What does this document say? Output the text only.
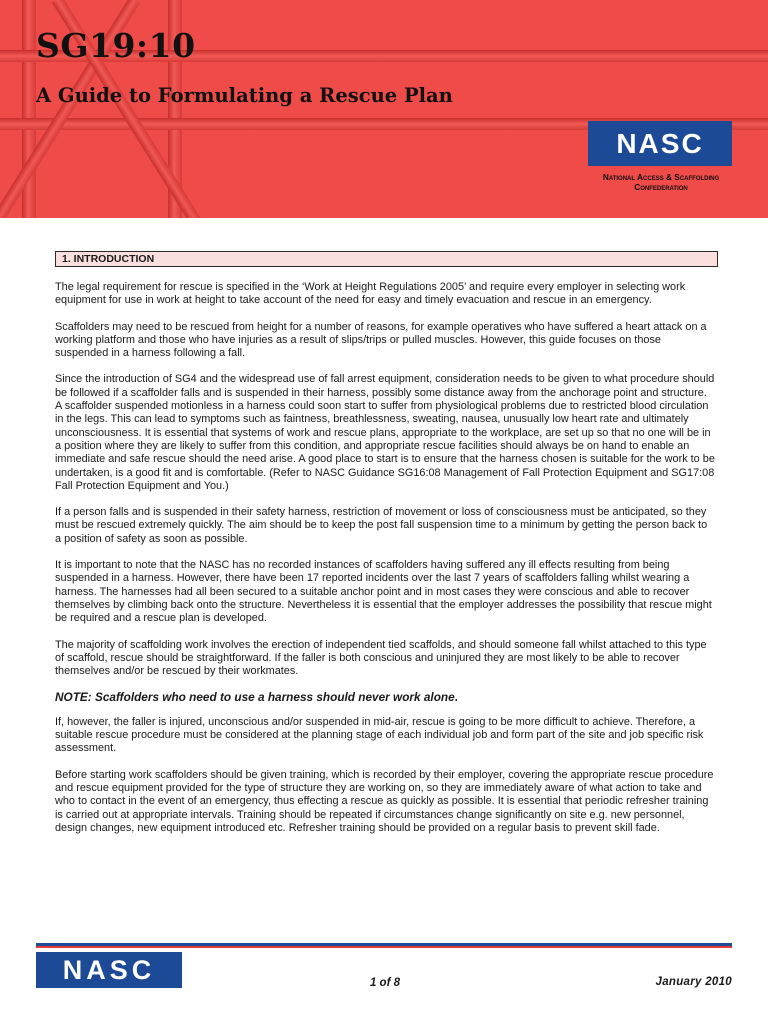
SG19:10
A Guide to Formulating a Rescue Plan
NASC
National Access & Scaffolding
Confederation
1. INTRODUCTION

The legal requirement for rescue is specified in the ‘Work at Height Regulations 2005’ and require every employer in selecting work equipment for use in work at height to take account of the need for easy and timely evacuation and rescue in an emergency.

Scaffolders may need to be rescued from height for a number of reasons, for example operatives who have suffered a heart attack on a working platform and those who have injuries as a result of slips/trips or pulled muscles. However, this guide focuses on those suspended in a harness following a fall.

Since the introduction of SG4 and the widespread use of fall arrest equipment, consideration needs to be given to what procedure should be followed if a scaffolder falls and is suspended in their harness, possibly some distance away from the anchorage point and structure. A scaffolder suspended motionless in a harness could soon start to suffer from physiological problems due to restricted blood circulation in the legs. This can lead to symptoms such as faintness, breathlessness, sweating, nausea, unusually low heart rate and ultimately unconsciousness. It is essential that systems of work and rescue plans, appropriate to the workplace, are set up so that no one will be in a position where they are likely to suffer from this condition, and appropriate rescue facilities should always be on hand to enable an immediate and safe rescue should the need arise. A good place to start is to ensure that the harness chosen is suitable for the work to be undertaken, is a good fit and is comfortable. (Refer to NASC Guidance SG16:08 Management of Fall Protection Equipment and SG17:08 Fall Protection Equipment and You.)

If a person falls and is suspended in their safety harness, restriction of movement or loss of consciousness must be anticipated, so they must be rescued extremely quickly. The aim should be to keep the post fall suspension time to a minimum by getting the person back to a position of safety as soon as possible.

It is important to note that the NASC has no recorded instances of scaffolders having suffered any ill effects resulting from being suspended in a harness. However, there have been 17 reported incidents over the last 7 years of scaffolders falling whilst wearing a harness. The harnesses had all been secured to a suitable anchor point and in most cases they were conscious and able to recover themselves by climbing back onto the structure. Nevertheless it is essential that the employer addresses the possibility that rescue might be required and a rescue plan is developed.

The majority of scaffolding work involves the erection of independent tied scaffolds, and should someone fall whilst attached to this type of scaffold, rescue should be straightforward. If the faller is both conscious and uninjured they are most likely to be able to recover themselves and/or be rescued by their workmates.

NOTE: Scaffolders who need to use a harness should never work alone.

If, however, the faller is injured, unconscious and/or suspended in mid-air, rescue is going to be more difficult to achieve. Therefore, a suitable rescue procedure must be considered at the planning stage of each individual job and form part of the site and job specific risk assessment.

Before starting work scaffolders should be given training, which is recorded by their employer, covering the appropriate rescue procedure and rescue equipment provided for the type of structure they are working on, so they are immediately aware of what action to take and who to contact in the event of an emergency, thus effecting a rescue as quickly as possible. It is essential that periodic refresher training is carried out at appropriate intervals. Training should be repeated if circumstances change significantly on site e.g. new personnel, design changes, new equipment introduced etc. Refresher training should be provided on a regular basis to prevent skill fade.

NASC	1 of 8	January 2010
